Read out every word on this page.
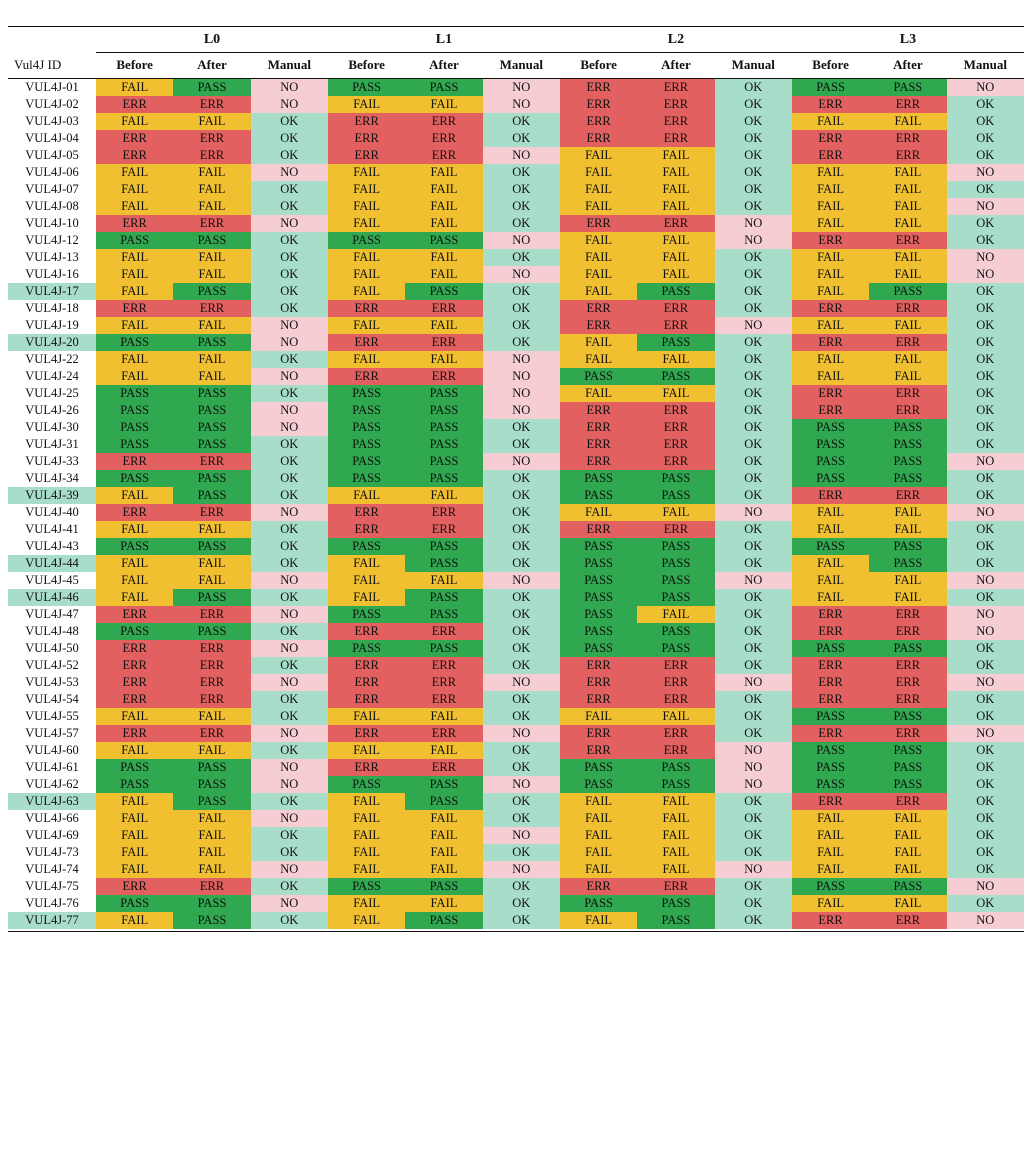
	L0			L1			L2			L3		
Vul4J ID	Before	After	Manual	Before	After	Manual	Before	After	Manual	Before	After	Manual
VUL4J-01	FAIL	PASS	NO	PASS	PASS	NO	ERR	ERR	OK	PASS	PASS	NO
VUL4J-02	ERR	ERR	NO	FAIL	FAIL	NO	ERR	ERR	OK	ERR	ERR	OK
VUL4J-03	FAIL	FAIL	OK	ERR	ERR	OK	ERR	ERR	OK	FAIL	FAIL	OK
VUL4J-04	ERR	ERR	OK	ERR	ERR	OK	ERR	ERR	OK	ERR	ERR	OK
VUL4J-05	ERR	ERR	OK	ERR	ERR	NO	FAIL	FAIL	OK	ERR	ERR	OK
VUL4J-06	FAIL	FAIL	NO	FAIL	FAIL	OK	FAIL	FAIL	OK	FAIL	FAIL	NO
VUL4J-07	FAIL	FAIL	OK	FAIL	FAIL	OK	FAIL	FAIL	OK	FAIL	FAIL	OK
VUL4J-08	FAIL	FAIL	OK	FAIL	FAIL	OK	FAIL	FAIL	OK	FAIL	FAIL	NO
VUL4J-10	ERR	ERR	NO	FAIL	FAIL	OK	ERR	ERR	NO	FAIL	FAIL	OK
VUL4J-12	PASS	PASS	OK	PASS	PASS	NO	FAIL	FAIL	NO	ERR	ERR	OK
VUL4J-13	FAIL	FAIL	OK	FAIL	FAIL	OK	FAIL	FAIL	OK	FAIL	FAIL	NO
VUL4J-16	FAIL	FAIL	OK	FAIL	FAIL	NO	FAIL	FAIL	OK	FAIL	FAIL	NO
VUL4J-17	FAIL	PASS	OK	FAIL	PASS	OK	FAIL	PASS	OK	FAIL	PASS	OK
VUL4J-18	ERR	ERR	OK	ERR	ERR	OK	ERR	ERR	OK	ERR	ERR	OK
VUL4J-19	FAIL	FAIL	NO	FAIL	FAIL	OK	ERR	ERR	NO	FAIL	FAIL	OK
VUL4J-20	PASS	PASS	NO	ERR	ERR	OK	FAIL	PASS	OK	ERR	ERR	OK
VUL4J-22	FAIL	FAIL	OK	FAIL	FAIL	NO	FAIL	FAIL	OK	FAIL	FAIL	OK
VUL4J-24	FAIL	FAIL	NO	ERR	ERR	NO	PASS	PASS	OK	FAIL	FAIL	OK
VUL4J-25	PASS	PASS	OK	PASS	PASS	NO	FAIL	FAIL	OK	ERR	ERR	OK
VUL4J-26	PASS	PASS	NO	PASS	PASS	NO	ERR	ERR	OK	ERR	ERR	OK
VUL4J-30	PASS	PASS	NO	PASS	PASS	OK	ERR	ERR	OK	PASS	PASS	OK
VUL4J-31	PASS	PASS	OK	PASS	PASS	OK	ERR	ERR	OK	PASS	PASS	OK
VUL4J-33	ERR	ERR	OK	PASS	PASS	NO	ERR	ERR	OK	PASS	PASS	NO
VUL4J-34	PASS	PASS	OK	PASS	PASS	OK	PASS	PASS	OK	PASS	PASS	OK
VUL4J-39	FAIL	PASS	OK	FAIL	FAIL	OK	PASS	PASS	OK	ERR	ERR	OK
VUL4J-40	ERR	ERR	NO	ERR	ERR	OK	FAIL	FAIL	NO	FAIL	FAIL	NO
VUL4J-41	FAIL	FAIL	OK	ERR	ERR	OK	ERR	ERR	OK	FAIL	FAIL	OK
VUL4J-43	PASS	PASS	OK	PASS	PASS	OK	PASS	PASS	OK	PASS	PASS	OK
VUL4J-44	FAIL	FAIL	OK	FAIL	PASS	OK	PASS	PASS	OK	FAIL	PASS	OK
VUL4J-45	FAIL	FAIL	NO	FAIL	FAIL	NO	PASS	PASS	NO	FAIL	FAIL	NO
VUL4J-46	FAIL	PASS	OK	FAIL	PASS	OK	PASS	PASS	OK	FAIL	FAIL	OK
VUL4J-47	ERR	ERR	NO	PASS	PASS	OK	PASS	FAIL	OK	ERR	ERR	NO
VUL4J-48	PASS	PASS	OK	ERR	ERR	OK	PASS	PASS	OK	ERR	ERR	NO
VUL4J-50	ERR	ERR	NO	PASS	PASS	OK	PASS	PASS	OK	PASS	PASS	OK
VUL4J-52	ERR	ERR	OK	ERR	ERR	OK	ERR	ERR	OK	ERR	ERR	OK
VUL4J-53	ERR	ERR	NO	ERR	ERR	NO	ERR	ERR	NO	ERR	ERR	NO
VUL4J-54	ERR	ERR	OK	ERR	ERR	OK	ERR	ERR	OK	ERR	ERR	OK
VUL4J-55	FAIL	FAIL	OK	FAIL	FAIL	OK	FAIL	FAIL	OK	PASS	PASS	OK
VUL4J-57	ERR	ERR	NO	ERR	ERR	NO	ERR	ERR	OK	ERR	ERR	NO
VUL4J-60	FAIL	FAIL	OK	FAIL	FAIL	OK	ERR	ERR	NO	PASS	PASS	OK
VUL4J-61	PASS	PASS	NO	ERR	ERR	OK	PASS	PASS	NO	PASS	PASS	OK
VUL4J-62	PASS	PASS	NO	PASS	PASS	NO	PASS	PASS	NO	PASS	PASS	OK
VUL4J-63	FAIL	PASS	OK	FAIL	PASS	OK	FAIL	FAIL	OK	ERR	ERR	OK
VUL4J-66	FAIL	FAIL	NO	FAIL	FAIL	OK	FAIL	FAIL	OK	FAIL	FAIL	OK
VUL4J-69	FAIL	FAIL	OK	FAIL	FAIL	NO	FAIL	FAIL	OK	FAIL	FAIL	OK
VUL4J-73	FAIL	FAIL	OK	FAIL	FAIL	OK	FAIL	FAIL	OK	FAIL	FAIL	OK
VUL4J-74	FAIL	FAIL	NO	FAIL	FAIL	NO	FAIL	FAIL	NO	FAIL	FAIL	OK
VUL4J-75	ERR	ERR	OK	PASS	PASS	OK	ERR	ERR	OK	PASS	PASS	NO
VUL4J-76	PASS	PASS	NO	FAIL	FAIL	OK	PASS	PASS	OK	FAIL	FAIL	OK
VUL4J-77	FAIL	PASS	OK	FAIL	PASS	OK	FAIL	PASS	OK	ERR	ERR	NO
